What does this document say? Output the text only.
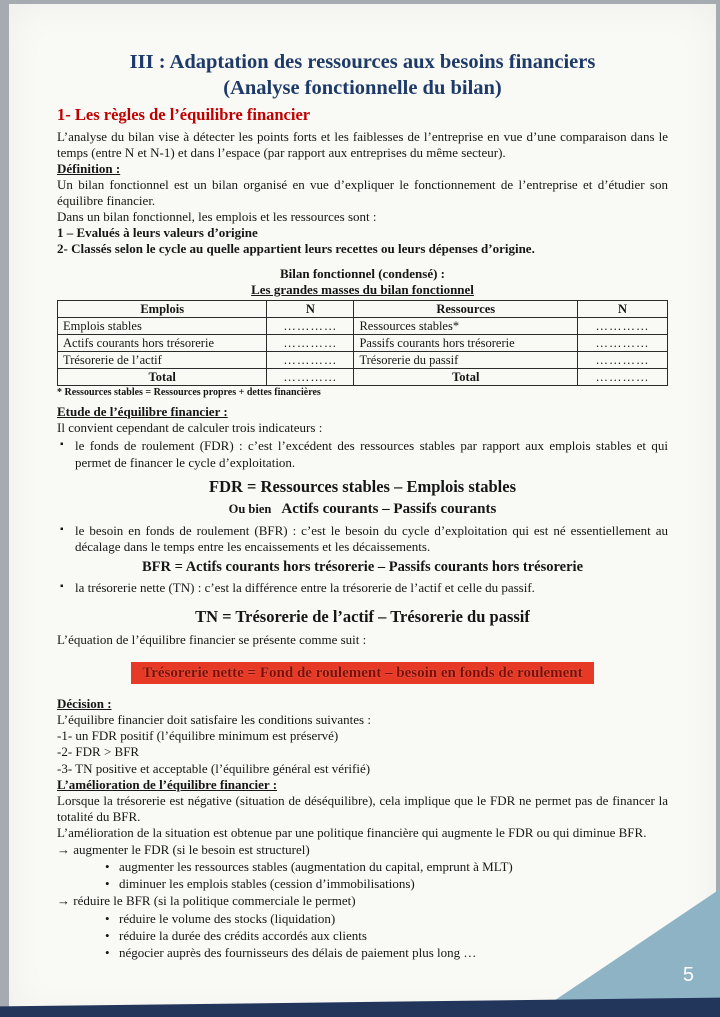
III : Adaptation des ressources aux besoins financiers
(Analyse fonctionnelle du bilan)
1- Les règles de l’équilibre financier

L’analyse du bilan vise à détecter les points forts et les faiblesses de l’entreprise en vue d’une comparaison dans le temps (entre N et N-1) et dans l’espace (par rapport aux entreprises du même secteur).

Définition :

Un bilan fonctionnel est un bilan organisé en vue d’expliquer le fonctionnement de l’entreprise et d’étudier son équilibre financier.

Dans un bilan fonctionnel, les emplois et les ressources sont :

1 – Evalués à leurs valeurs d’origine

2- Classés selon le cycle au quelle appartient leurs recettes ou leurs dépenses d’origine.

Bilan fonctionnel (condensé) :

Les grandes masses du bilan fonctionnel

Emplois	N	Ressources	N
Emplois stables	…………	Ressources stables*	…………
Actifs courants hors trésorerie	…………	Passifs courants hors trésorerie	…………
Trésorerie de l’actif	…………	Trésorerie du passif	…………
Total	…………	Total	…………

* Ressources stables = Ressources propres + dettes financières

Etude de l’équilibre financier :

Il convient cependant de calculer trois indicateurs :

▪ le fonds de roulement (FDR) : c’est l’excédent des ressources stables par rapport aux emplois stables et qui permet de financer le cycle d’exploitation.

FDR = Ressources stables – Emplois stables

Ou bien Actifs courants – Passifs courants

▪ le besoin en fonds de roulement (BFR) : c’est le besoin du cycle d’exploitation qui est né essentiellement au décalage dans le temps entre les encaissements et les décaissements.

BFR = Actifs courants hors trésorerie – Passifs courants hors trésorerie

▪ la trésorerie nette (TN) : c’est la différence entre la trésorerie de l’actif et celle du passif.

TN = Trésorerie de l’actif – Trésorerie du passif

L’équation de l’équilibre financier se présente comme suit :

Trésorerie nette = Fond de roulement – besoin en fonds de roulement

Décision :

L’équilibre financier doit satisfaire les conditions suivantes :

-1- un FDR positif (l’équilibre minimum est préservé)

-2- FDR > BFR

-3- TN positive et acceptable (l’équilibre général est vérifié)

L’amélioration de l’équilibre financier :

Lorsque la trésorerie est négative (situation de déséquilibre), cela implique que le FDR ne permet pas de financer la totalité du BFR.

L’amélioration de la situation est obtenue par une politique financière qui augmente le FDR ou qui diminue BFR.

→ augmenter le FDR (si le besoin est structurel)

• augmenter les ressources stables (augmentation du capital, emprunt à MLT)
• diminuer les emplois stables (cession d’immobilisations)

→ réduire le BFR (si la politique commerciale le permet)

• réduire le volume des stocks (liquidation)
• réduire la durée des crédits accordés aux clients
• négocier auprès des fournisseurs des délais de paiement plus long …
5
